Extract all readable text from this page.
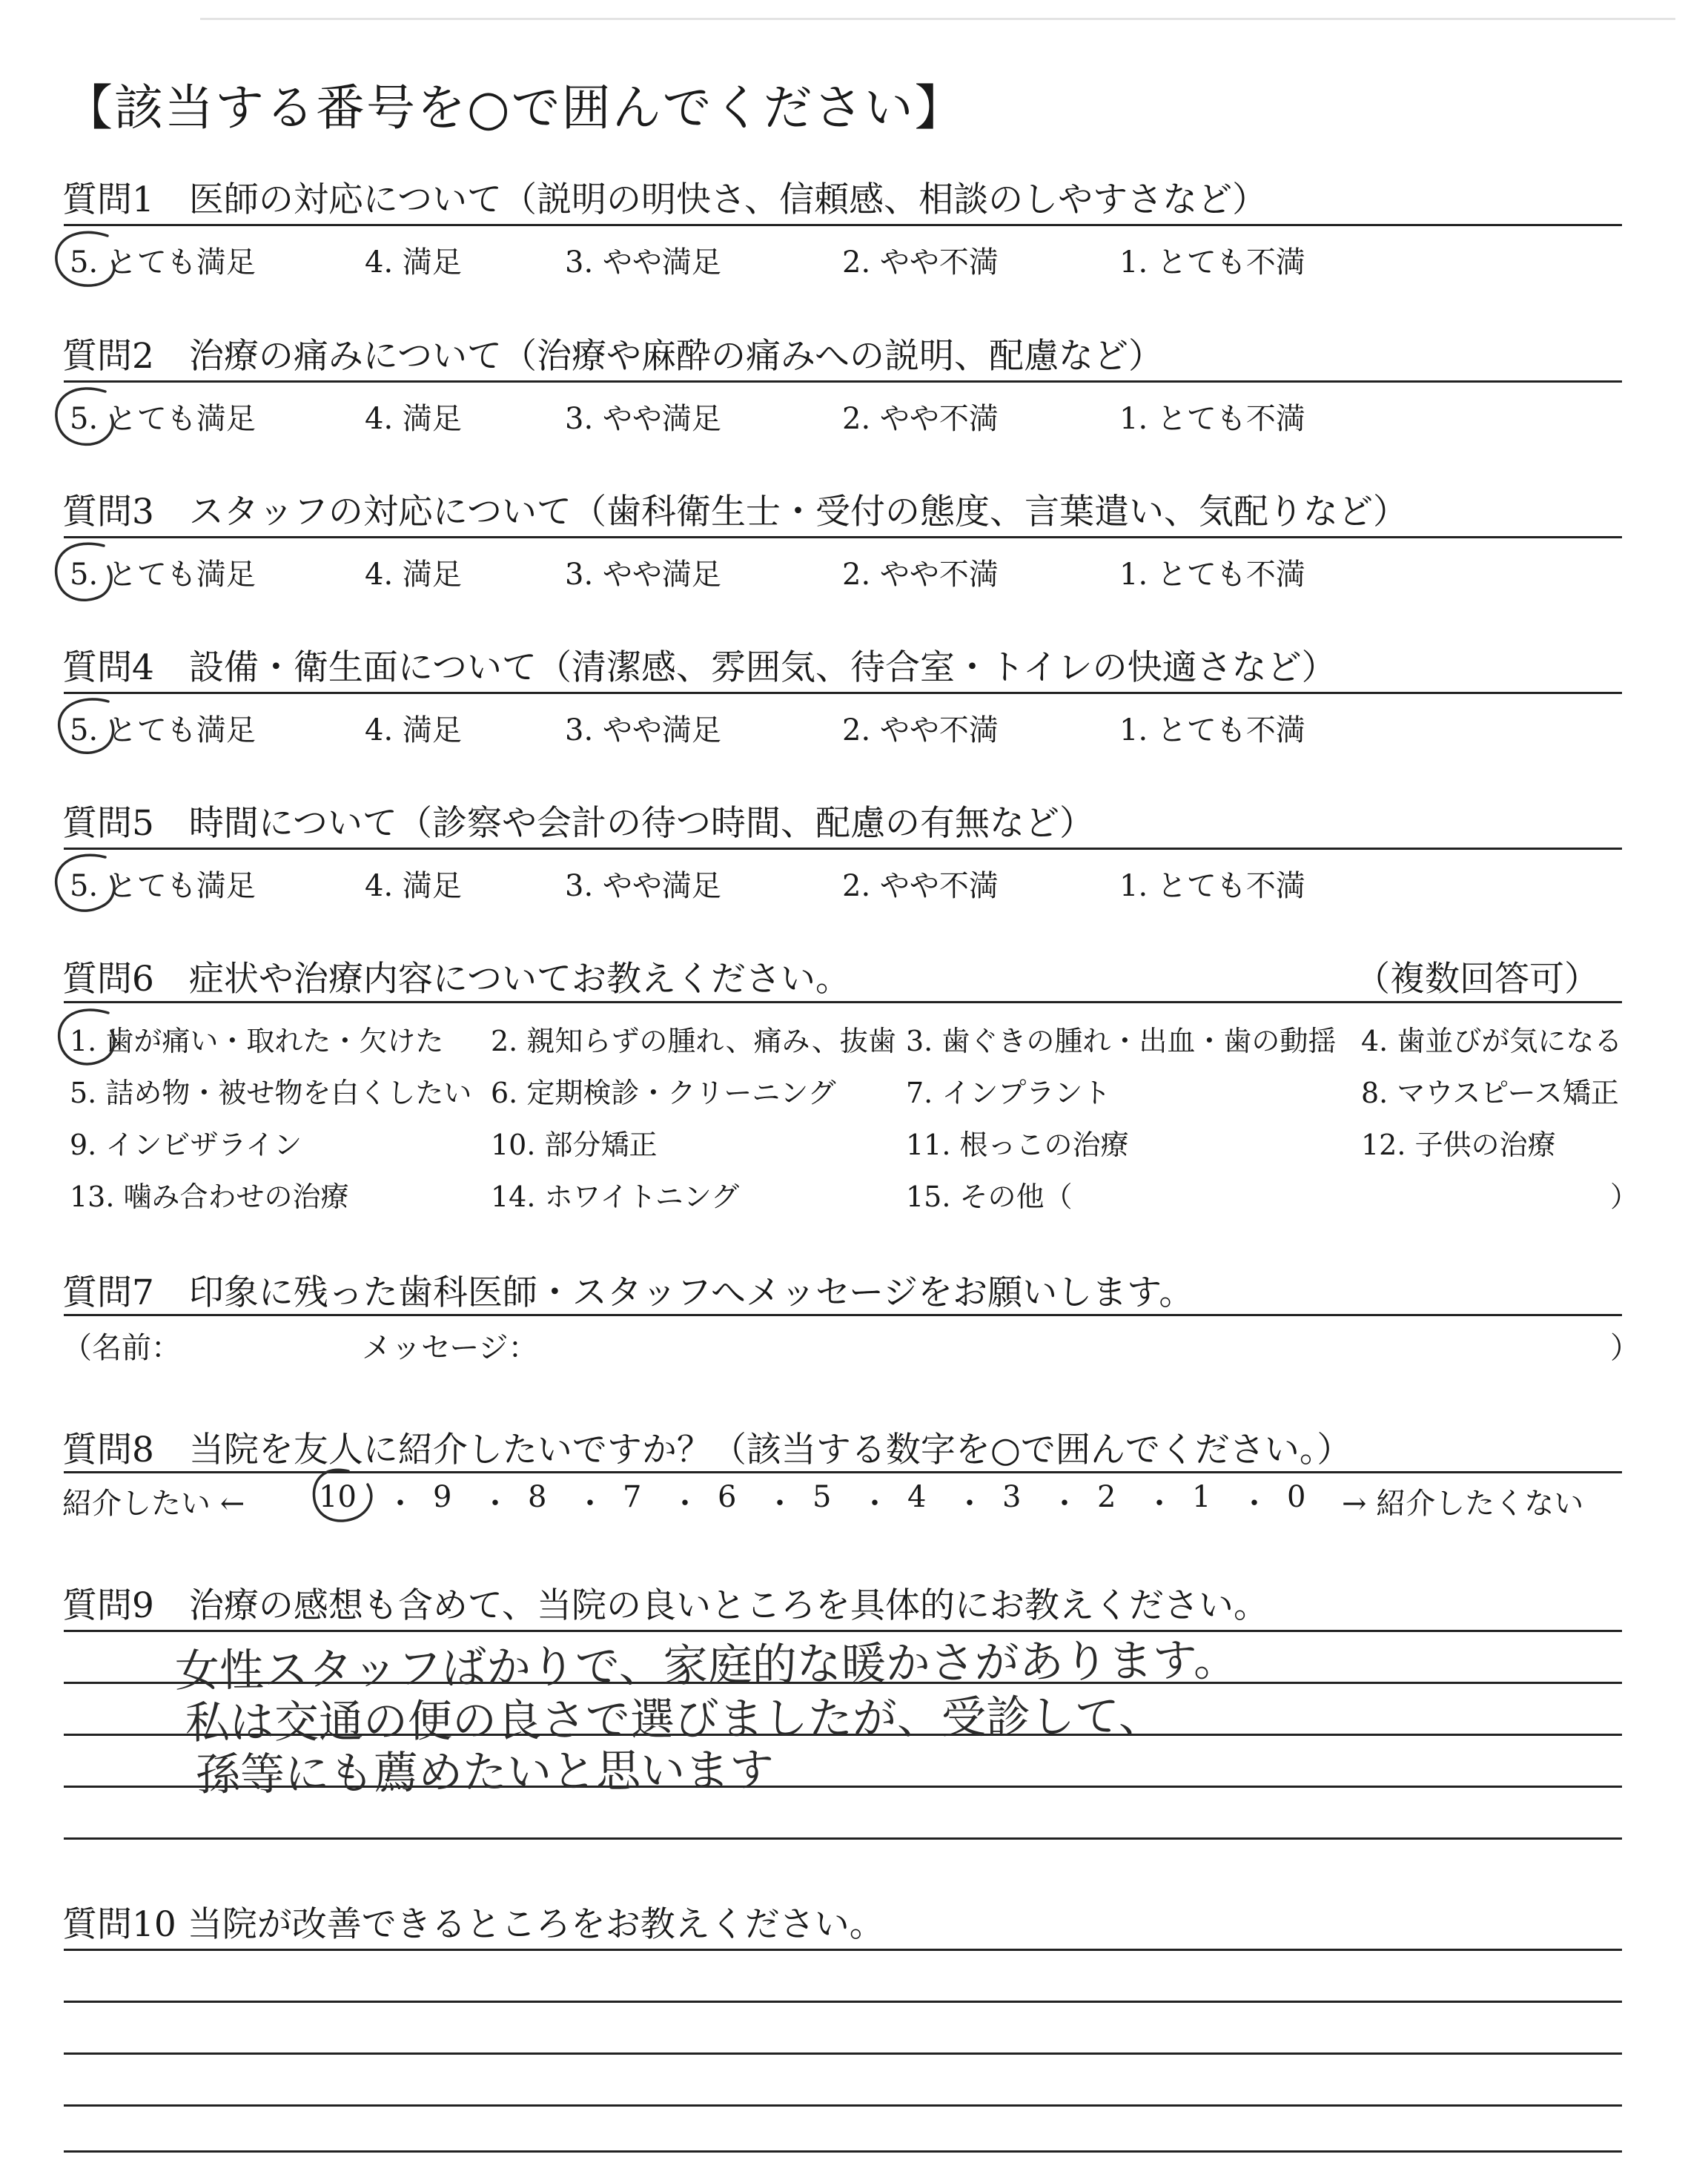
【該当する番号を○で囲んでください】
質問1　医師の対応について（説明の明快さ、信頼感、相談のしやすさなど）
5. とても満足	4. 満足	3. やや満足	2. やや不満	1. とても不満
質問2　治療の痛みについて（治療や麻酔の痛みへの説明、配慮など）
5. とても満足	4. 満足	3. やや満足	2. やや不満	1. とても不満
質問3　スタッフの対応について（歯科衛生士・受付の態度、言葉遣い、気配りなど）
5. とても満足	4. 満足	3. やや満足	2. やや不満	1. とても不満
質問4　設備・衛生面について（清潔感、雰囲気、待合室・トイレの快適さなど）
5. とても満足	4. 満足	3. やや満足	2. やや不満	1. とても不満
質問5　時間について（診察や会計の待つ時間、配慮の有無など）
5. とても満足	4. 満足	3. やや満足	2. やや不満	1. とても不満
質問6　症状や治療内容についてお教えください。	（複数回答可）
1. 歯が痛い・取れた・欠けた 2. 親知らずの腫れ、痛み、抜歯 3. 歯ぐきの腫れ・出血・歯の動揺 4. 歯並びが気になる
5. 詰め物・被せ物を白くしたい 6. 定期検診・クリーニング 7. インプラント	8. マウスピース矯正
9. インビザライン	10. 部分矯正	11. 根っこの治療	12. 子供の治療
13. 噛み合わせの治療	14. ホワイトニング	15. その他（	）
質問7　印象に残った歯科医師・スタッフへメッセージをお願いします。
（名前：	メッセージ：	）
質問8　当院を友人に紹介したいですか？（該当する数字を○で囲んでください。）
紹介したい ← 10 ・ 9 ・ 8 ・ 7 ・ 6 ・ 5 ・ 4 ・ 3 ・ 2 ・ 1 ・ 0 → 紹介したくない
質問9　治療の感想も含めて、当院の良いところを具体的にお教えください。
女性スタッフばかりで、家庭的な暖かさがあります。
私は交通の便の良さで選びましたが、受診して、
孫等にも薦めたいと思います
質問10 当院が改善できるところをお教えください。
